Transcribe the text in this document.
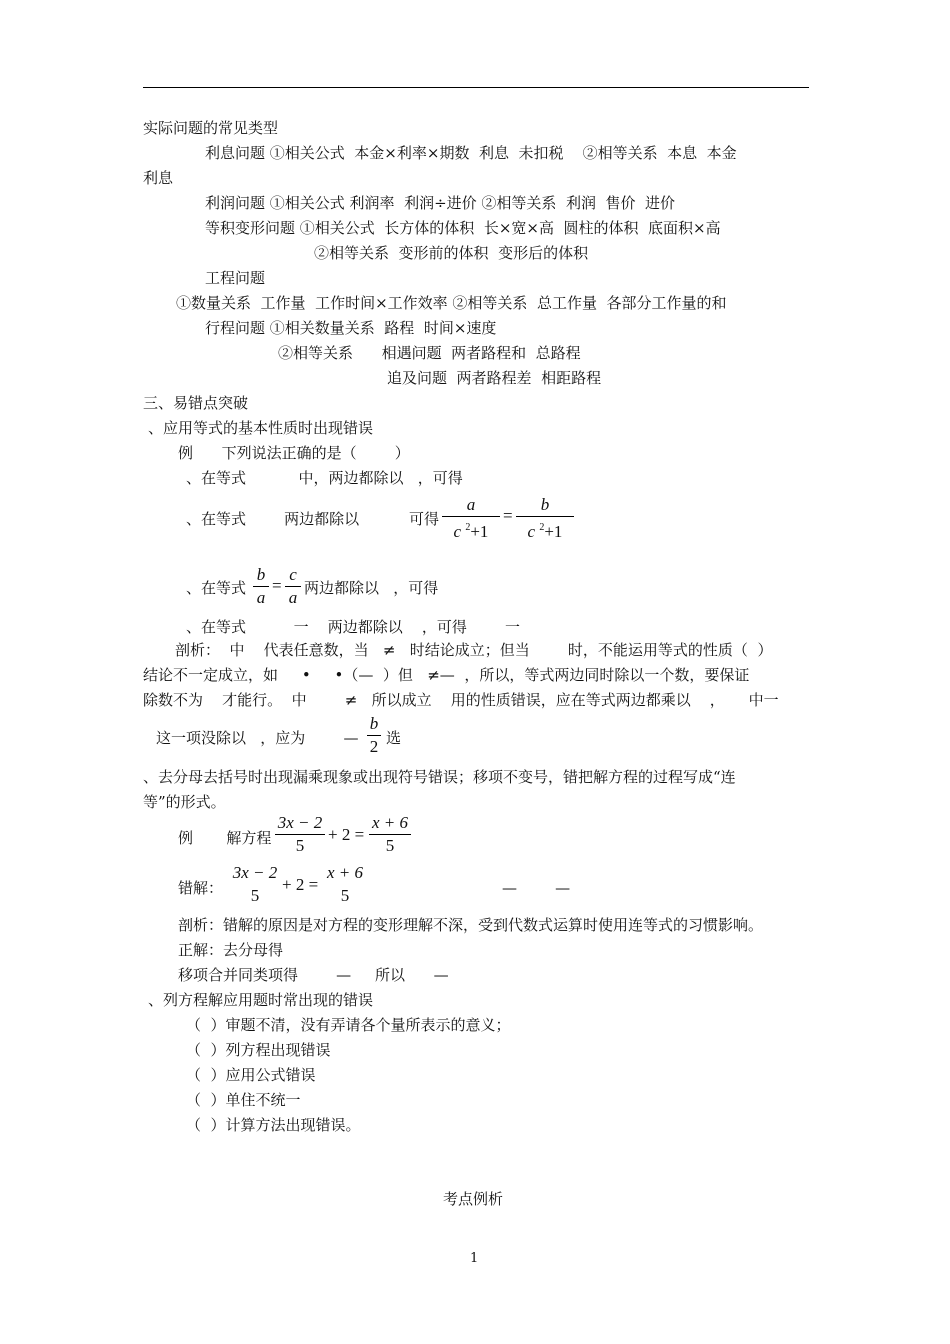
实际问题的常见类型
利息问题 ①相关公式  本金×利率×期数  利息  未扣税    ②相等关系  本息  本金
利息
利润问题 ①相关公式 利润率  利润÷进价 ②相等关系  利润  售价  进价
等积变形问题 ①相关公式  长方体的体积  长×宽×高  圆柱的体积  底面积×高
②相等关系  变形前的体积  变形后的体积
工程问题
①数量关系  工作量  工作时间×工作效率 ②相等关系  总工作量  各部分工作量的和
行程问题 ①相关数量关系  路程  时间×速度
②相等关系      相遇问题  两者路程和  总路程
追及问题  两者路程差  相距路程
三、易错点突破
、应用等式的基本性质时出现错误
例      下列说法正确的是（        ）
、在等式           中，两边都除以   ，可得
、在等式        两边都除以	可得
a
c $^2$+1
=
b
c $^2$+1
、在等式
b
a
=
c
a 两边都除以   ，可得
、在等式          一    两边都除以    ，可得        一
剖析：  中    代表任意数，当   ≠   时结论成立；但当        时，不能运用等式的性质（  ）
结论不一定成立，如     •     •（—  ）但   ≠—  ，所以，等式两边同时除以一个数，要保证
除数不为    才能行。  中        ≠   所以成立    用的性质错误，应在等式两边都乘以    ，     中一
这一项没除以   ，应为        —
b
2 选
、去分母去括号时出现漏乘现象或出现符号错误；移项不变号，错把解方程的过程写成“连
等”的形式。
例       解方程
3x − 2
5
+ 2 =
x + 6
5
错解：
3x − 2
5
+ 2 =
x + 6
5	—        —
剖析：错解的原因是对方程的变形理解不深，受到代数式运算时使用连等式的习惯影响。
正解：去分母得
移项合并同类项得        —     所以      —
、列方程解应用题时常出现的错误
（  ）审题不清，没有弄请各个量所表示的意义；
（  ）列方程出现错误
（  ）应用公式错误
（  ）单住不统一
（  ）计算方法出现错误。
考点例析
1
